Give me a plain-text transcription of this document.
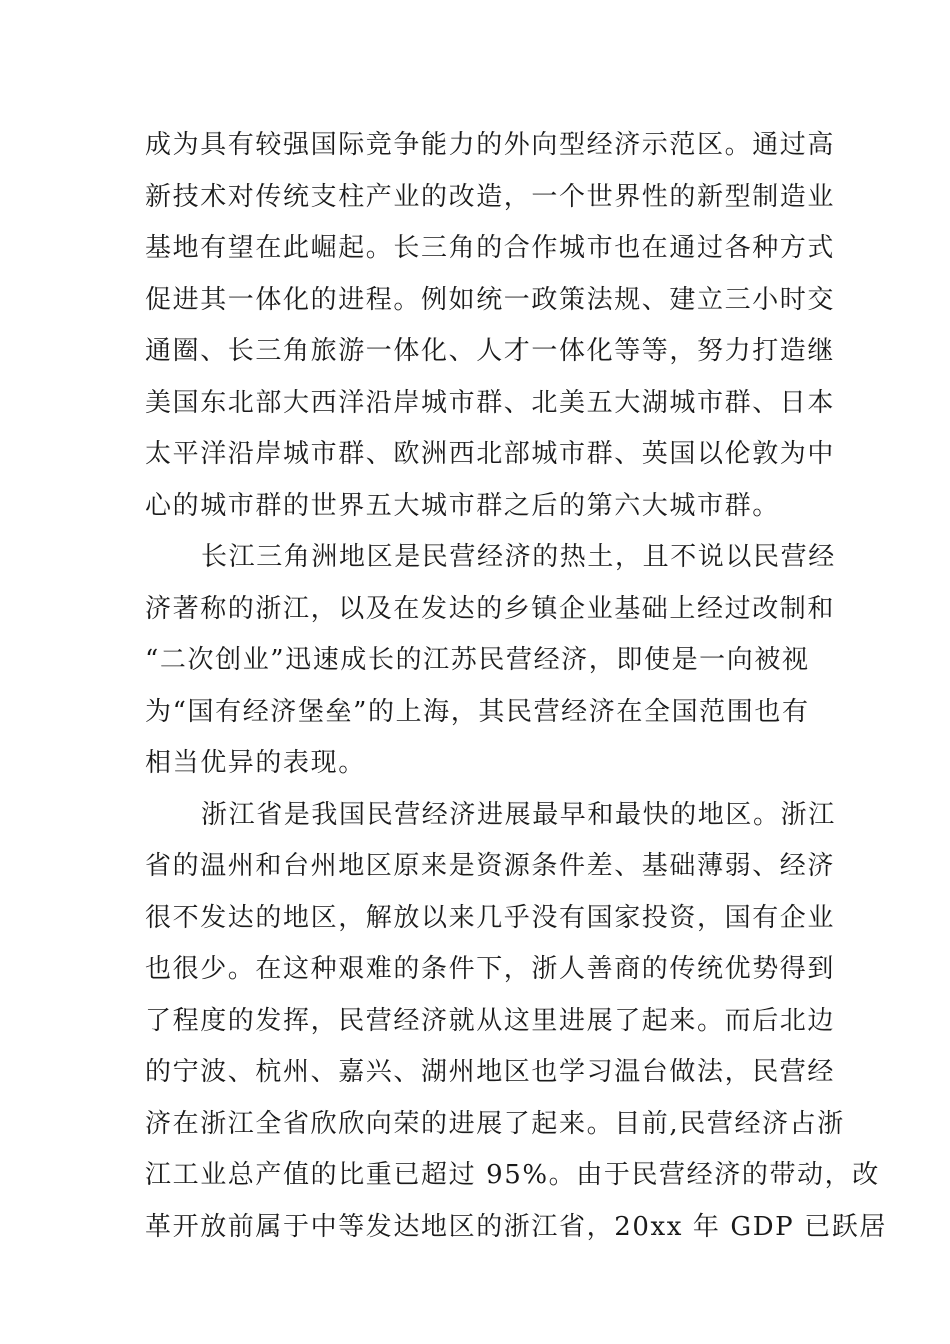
成为具有较强国际竞争能力的外向型经济示范区。通过高
新技术对传统支柱产业的改造，一个世界性的新型制造业
基地有望在此崛起。长三角的合作城市也在通过各种方式
促进其一体化的进程。例如统一政策法规、建立三小时交
通圈、长三角旅游一体化、人才一体化等等，努力打造继
美国东北部大西洋沿岸城市群、北美五大湖城市群、日本
太平洋沿岸城市群、欧洲西北部城市群、英国以伦敦为中
心的城市群的世界五大城市群之后的第六大城市群。

长江三角洲地区是民营经济的热土，且不说以民营经
济著称的浙江，以及在发达的乡镇企业基础上经过改制和
“二次创业”迅速成长的江苏民营经济，即使是一向被视
为“国有经济堡垒”的上海，其民营经济在全国范围也有
相当优异的表现。

浙江省是我国民营经济进展最早和最快的地区。浙江
省的温州和台州地区原来是资源条件差、基础薄弱、经济
很不发达的地区，解放以来几乎没有国家投资，国有企业
也很少。在这种艰难的条件下，浙人善商的传统优势得到
了程度的发挥，民营经济就从这里进展了起来。而后北边
的宁波、杭州、嘉兴、湖州地区也学习温台做法，民营经
济在浙江全省欣欣向荣的进展了起来。目前,民营经济占浙
江工业总产值的比重已超过 95%。由于民营经济的带动，改
革开放前属于中等发达地区的浙江省，20xx 年 GDP 已跃居
